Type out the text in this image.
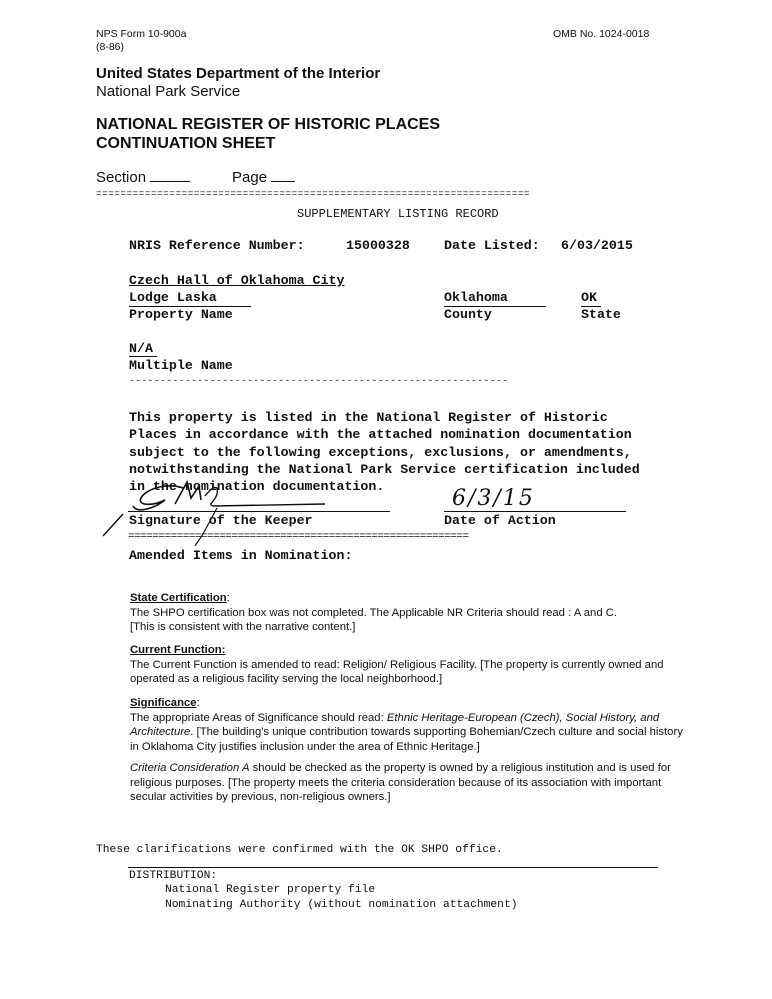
NPS Form 10-900a
(8-86)
OMB No. 1024-0018
United States Department of the Interior
National Park Service
NATIONAL REGISTER OF HISTORIC PLACES
CONTINUATION SHEET
Section	Page
=======================================================================
SUPPLEMENTARY LISTING RECORD
NRIS Reference Number:	15000328	Date Listed: 6/03/2015
Czech Hall of Oklahoma City
Lodge Laska
Property Name
Oklahoma
County
OK
State
N/A
Multiple Name
-------------------------------------------------------------

This property is listed in the National Register of Historic
Places in accordance with the attached nomination documentation
subject to the following exceptions, exclusions, or amendments,
notwithstanding the National Park Service certification included
in the nomination documentation.

Signature of the Keeper
6/3/15
Date of Action
========================================================
Amended Items in Nomination:

State Certification:

The SHPO certification box was not completed. The Applicable NR Criteria should read : A and C.

[This is consistent with the narrative content.]

Current Function:

The Current Function is amended to read: Religion/ Religious Facility. [The property is currently owned and operated as a religious facility serving the local neighborhood.]

Significance:

The appropriate Areas of Significance should read: Ethnic Heritage-European (Czech), Social History, and Architecture. [The building's unique contribution towards supporting Bohemian/Czech culture and social history in Oklahoma City justifies inclusion under the area of Ethnic Heritage.]

Criteria Consideration A should be checked as the property is owned by a religious institution and is used for religious purposes. [The property meets the criteria consideration because of its association with important secular activities by previous, non-religious owners.]

These clarifications were confirmed with the OK SHPO office.
DISTRIBUTION:
National Register property file
Nominating Authority (without nomination attachment)
